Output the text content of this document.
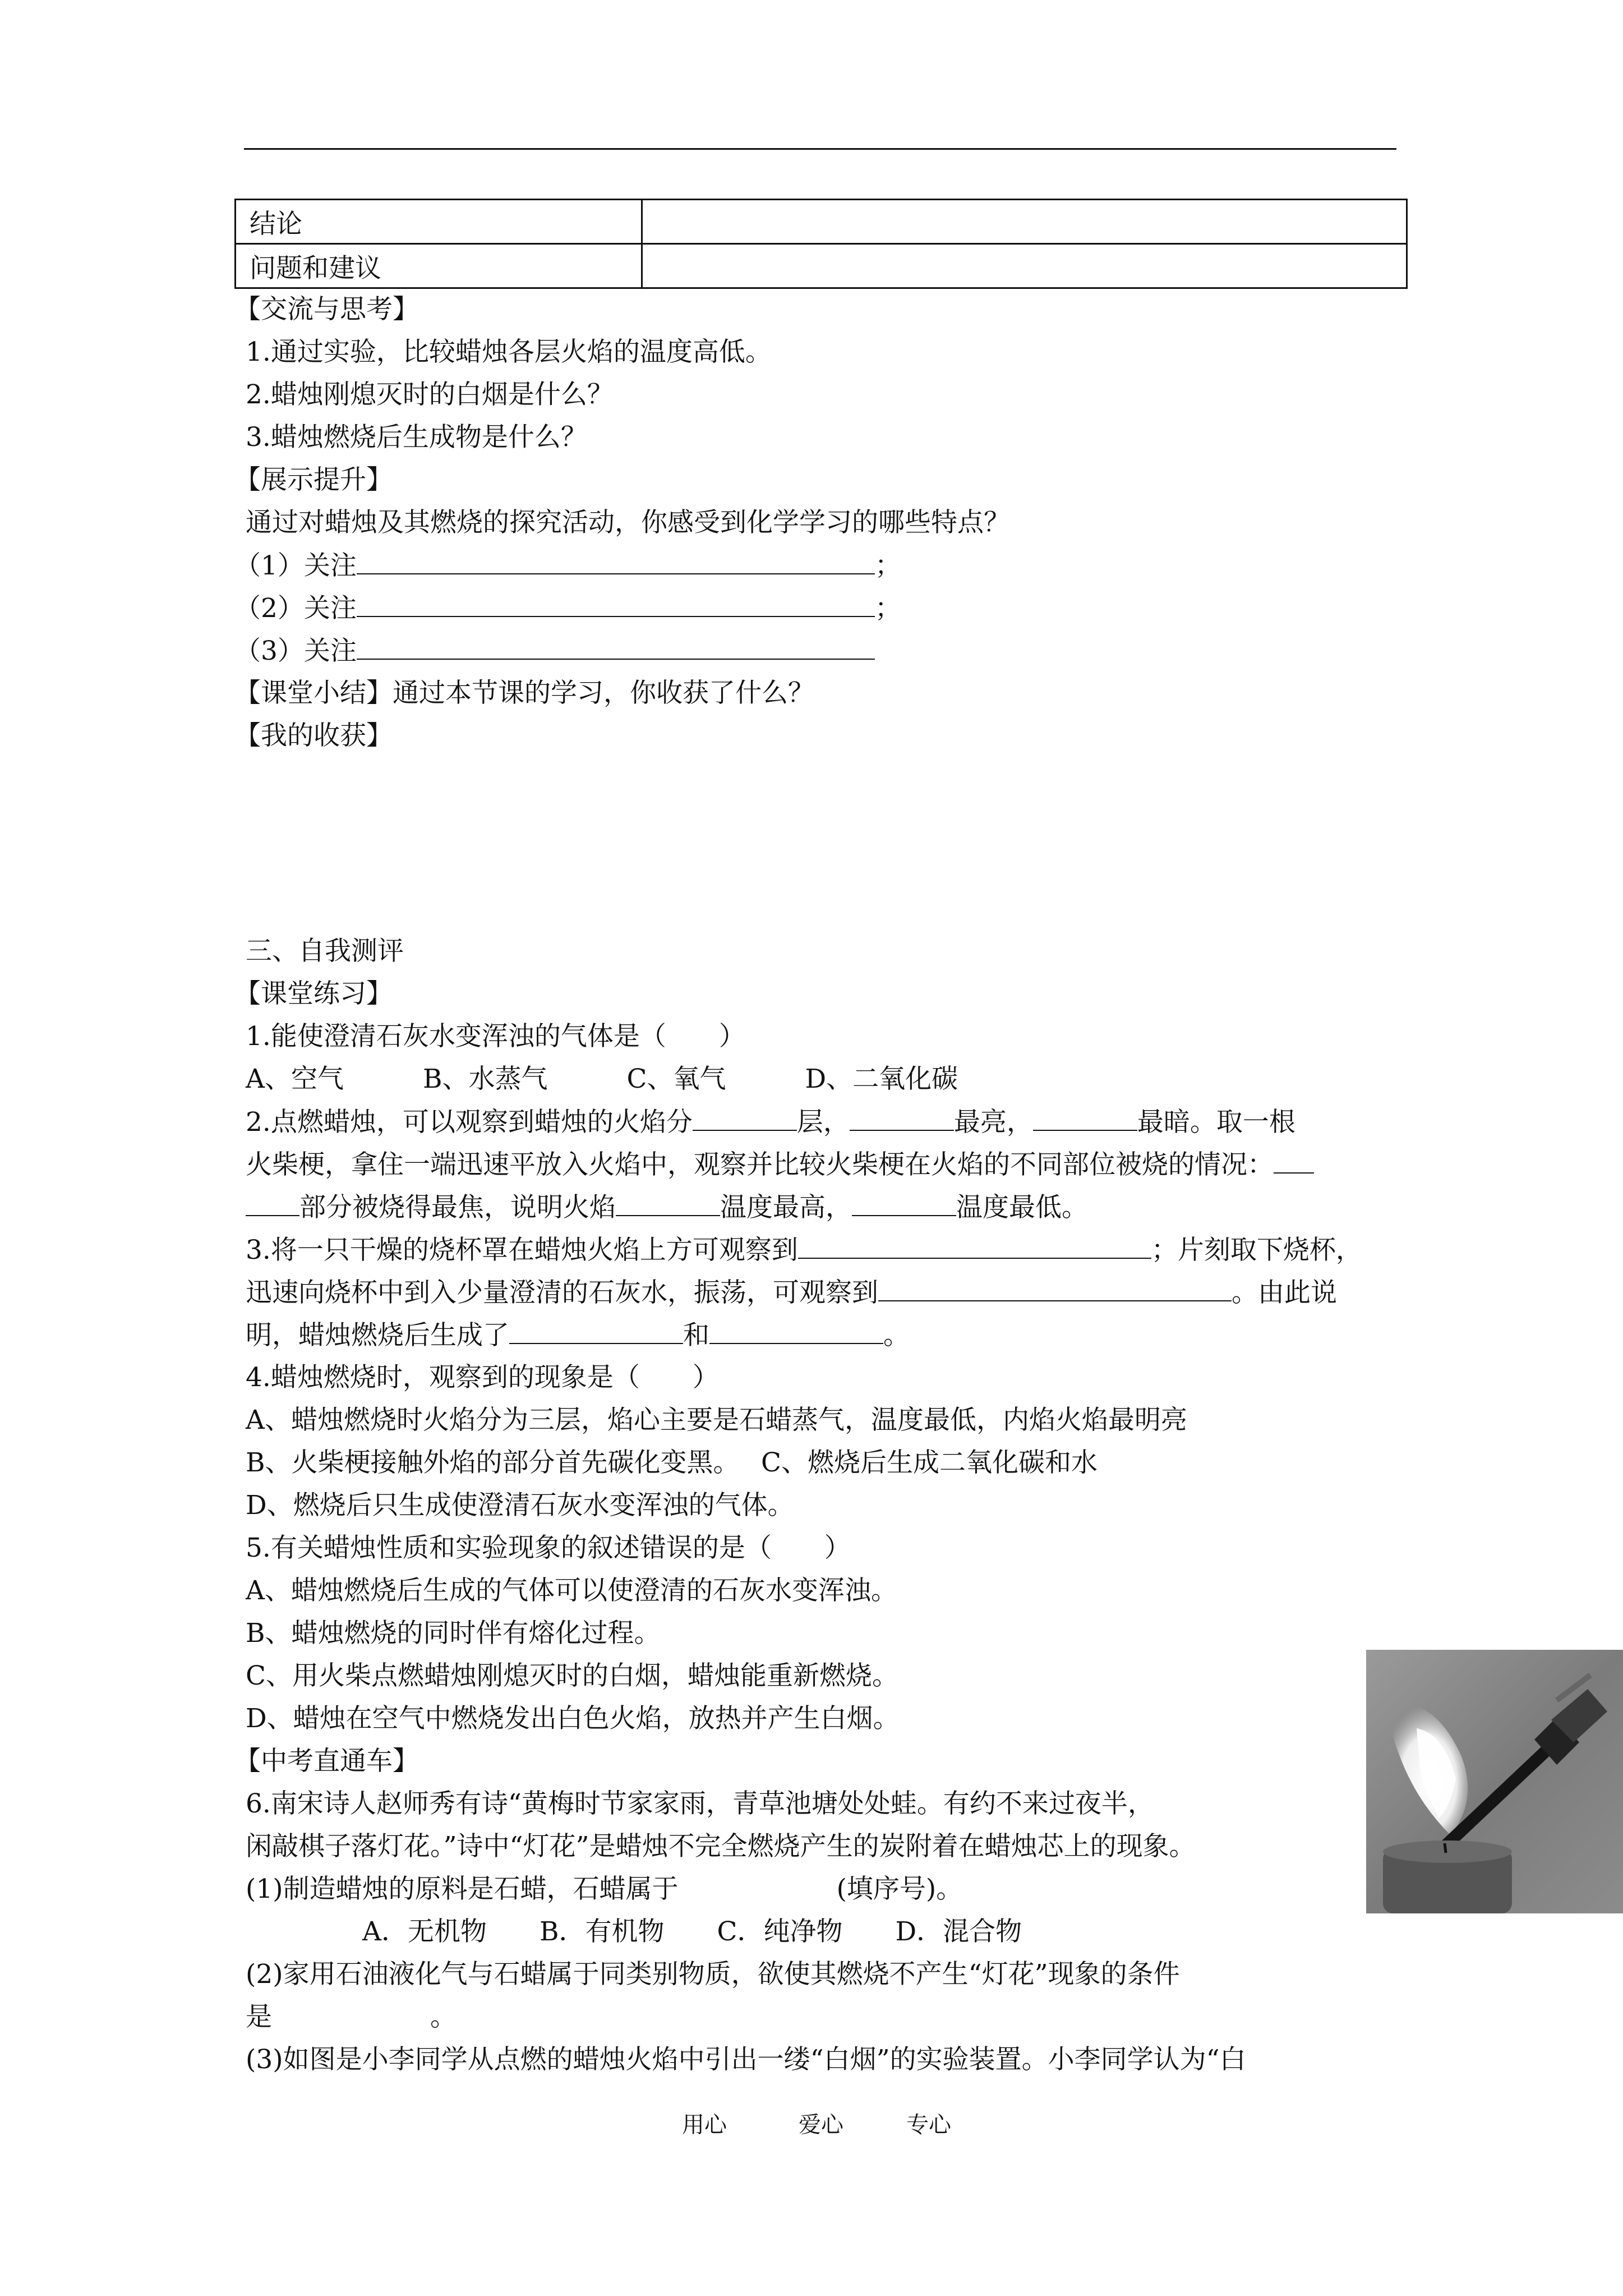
结论	
问题和建议	
【交流与思考】
1.通过实验，比较蜡烛各层火焰的温度高低。
2.蜡烛刚熄灭时的白烟是什么？
3.蜡烛燃烧后生成物是什么？
【展示提升】
通过对蜡烛及其燃烧的探究活动，你感受到化学学习的哪些特点？
（1）关注	；
（2）关注	；
（3）关注
【课堂小结】通过本节课的学习，你收获了什么？
【我的收获】
三、自我测评
【课堂练习】
1.能使澄清石灰水变浑浊的气体是（　　）
A、空气　　　B、水蒸气　　　C、氧气　　　D、二氧化碳
2.点燃蜡烛，可以观察到蜡烛的火焰分	层，	最亮，	最暗。取一根
火柴梗，拿住一端迅速平放入火焰中，观察并比较火柴梗在火焰的不同部位被烧的情况：
部分被烧得最焦，说明火焰	温度最高，	温度最低。
3.将一只干燥的烧杯罩在蜡烛火焰上方可观察到	；片刻取下烧杯，
迅速向烧杯中到入少量澄清的石灰水，振荡，可观察到	。由此说
明，蜡烛燃烧后生成了	和	。
4.蜡烛燃烧时，观察到的现象是（　　）
A、蜡烛燃烧时火焰分为三层，焰心主要是石蜡蒸气，温度最低，内焰火焰最明亮
B、火柴梗接触外焰的部分首先碳化变黑。　 C、燃烧后生成二氧化碳和水
D、燃烧后只生成使澄清石灰水变浑浊的气体。
5.有关蜡烛性质和实验现象的叙述错误的是（　　）
A、蜡烛燃烧后生成的气体可以使澄清的石灰水变浑浊。
B、蜡烛燃烧的同时伴有熔化过程。
C、用火柴点燃蜡烛刚熄灭时的白烟，蜡烛能重新燃烧。
D、蜡烛在空气中燃烧发出白色火焰，放热并产生白烟。
【中考直通车】
6.南宋诗人赵师秀有诗“黄梅时节家家雨，青草池塘处处蛙。有约不来过夜半，
闲敲棋子落灯花。”诗中“灯花”是蜡烛不完全燃烧产生的炭附着在蜡烛芯上的现象。
(1)制造蜡烛的原料是石蜡，石蜡属于　　　　　　(填序号)。
A．无机物　　B．有机物　　C．纯净物　　D．混合物
(2)家用石油液化气与石蜡属于同类别物质，欲使其燃烧不产生“灯花”现象的条件
是　　　　　　。
(3)如图是小李同学从点燃的蜡烛火焰中引出一缕“白烟”的实验装置。小李同学认为“白
用心	爱心	专心
